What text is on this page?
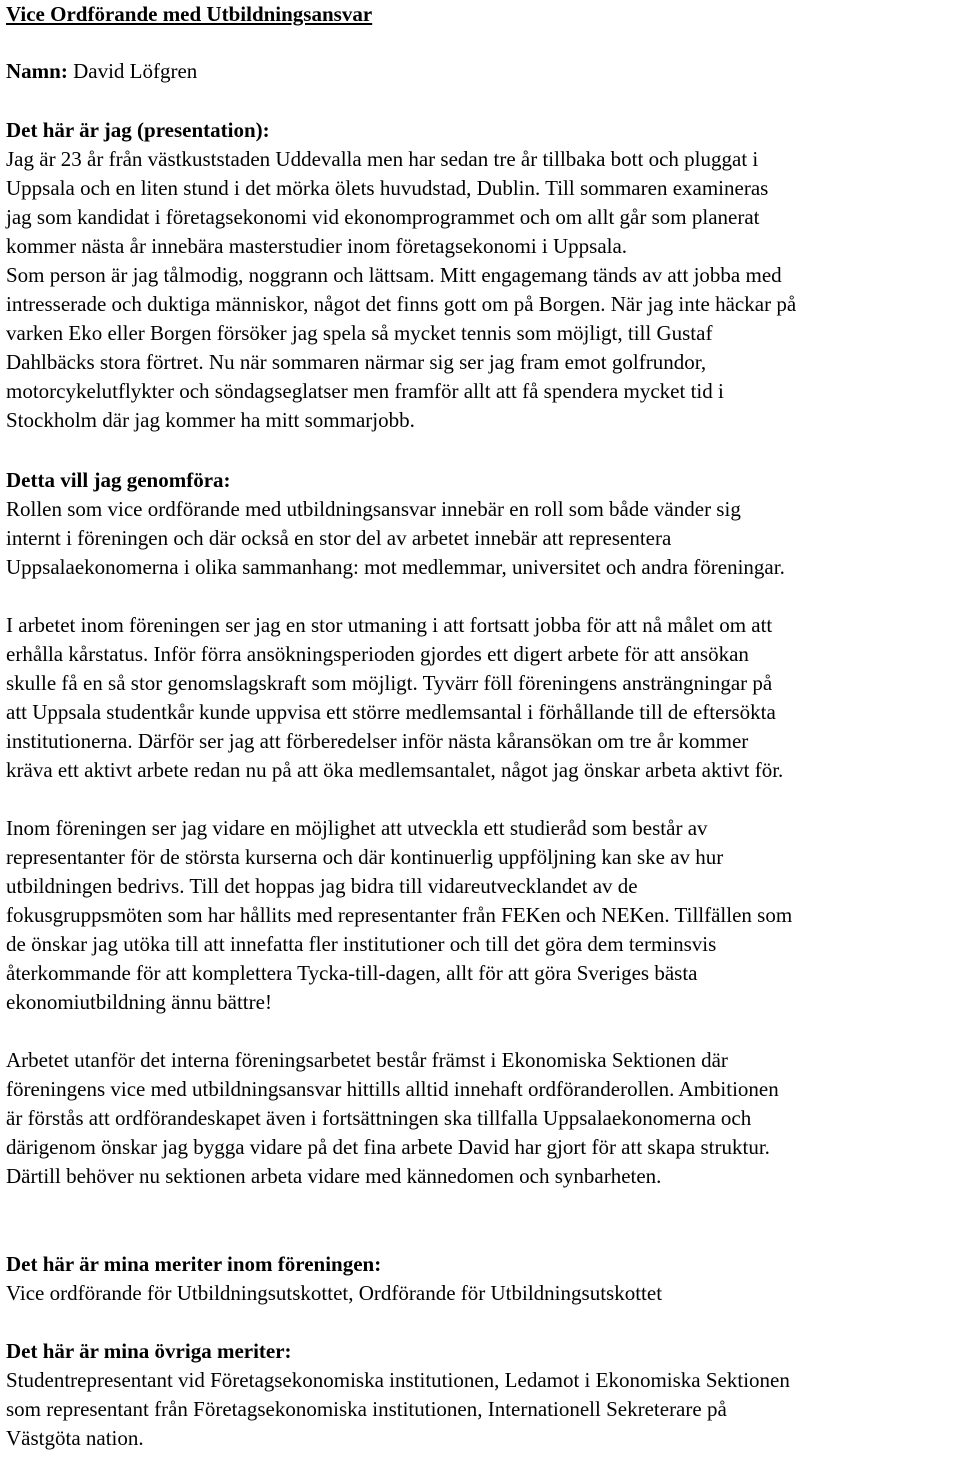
Vice Ordförande med Utbildningsansvar
Namn: David Löfgren
Det här är jag (presentation):

Jag är 23 år från västkuststaden Uddevalla men har sedan tre år tillbaka bott och pluggat i
Uppsala och en liten stund i det mörka ölets huvudstad, Dublin. Till sommaren examineras
jag som kandidat i företagsekonomi vid ekonomprogrammet och om allt går som planerat
kommer nästa år innebära masterstudier inom företagsekonomi i Uppsala.
Som person är jag tålmodig, noggrann och lättsam. Mitt engagemang tänds av att jobba med
intresserade och duktiga människor, något det finns gott om på Borgen. När jag inte häckar på
varken Eko eller Borgen försöker jag spela så mycket tennis som möjligt, till Gustaf
Dahlbäcks stora förtret. Nu när sommaren närmar sig ser jag fram emot golfrundor,
motorcykelutflykter och söndagseglatser men framför allt att få spendera mycket tid i
Stockholm där jag kommer ha mitt sommarjobb.

Detta vill jag genomföra:

Rollen som vice ordförande med utbildningsansvar innebär en roll som både vänder sig
internt i föreningen och där också en stor del av arbetet innebär att representera
Uppsalaekonomerna i olika sammanhang: mot medlemmar, universitet och andra föreningar.

I arbetet inom föreningen ser jag en stor utmaning i att fortsatt jobba för att nå målet om att
erhålla kårstatus. Inför förra ansökningsperioden gjordes ett digert arbete för att ansökan
skulle få en så stor genomslagskraft som möjligt. Tyvärr föll föreningens ansträngningar på
att Uppsala studentkår kunde uppvisa ett större medlemsantal i förhållande till de eftersökta
institutionerna. Därför ser jag att förberedelser inför nästa kåransökan om tre år kommer
kräva ett aktivt arbete redan nu på att öka medlemsantalet, något jag önskar arbeta aktivt för.

Inom föreningen ser jag vidare en möjlighet att utveckla ett studieråd som består av
representanter för de största kurserna och där kontinuerlig uppföljning kan ske av hur
utbildningen bedrivs. Till det hoppas jag bidra till vidareutvecklandet av de
fokusgruppsmöten som har hållits med representanter från FEKen och NEKen. Tillfällen som
de önskar jag utöka till att innefatta fler institutioner och till det göra dem terminsvis
återkommande för att komplettera Tycka-till-dagen, allt för att göra Sveriges bästa
ekonomiutbildning ännu bättre!

Arbetet utanför det interna föreningsarbetet består främst i Ekonomiska Sektionen där
föreningens vice med utbildningsansvar hittills alltid innehaft ordföranderollen. Ambitionen
är förstås att ordförandeskapet även i fortsättningen ska tillfalla Uppsalaekonomerna och
därigenom önskar jag bygga vidare på det fina arbete David har gjort för att skapa struktur.
Därtill behöver nu sektionen arbeta vidare med kännedomen och synbarheten.

Det här är mina meriter inom föreningen:

Vice ordförande för Utbildningsutskottet, Ordförande för Utbildningsutskottet

Det här är mina övriga meriter:

Studentrepresentant vid Företagsekonomiska institutionen, Ledamot i Ekonomiska Sektionen
som representant från Företagsekonomiska institutionen, Internationell Sekreterare på
Västgöta nation.
